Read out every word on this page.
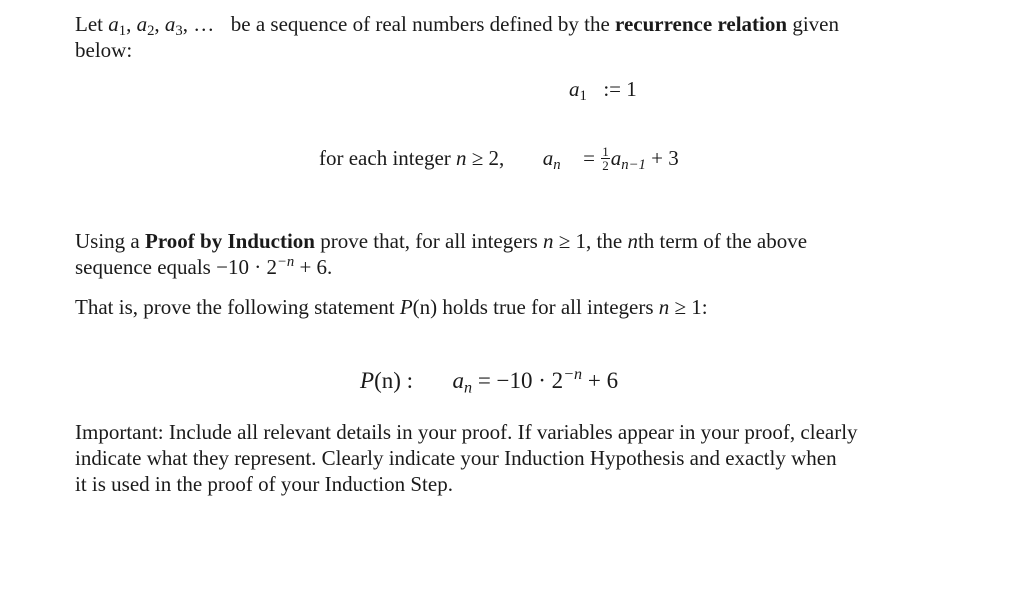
Let $a_1$, $a_2$, $a_3$, … be a sequence of real numbers defined by the recurrence relation given
below:

$a_1$ := 1
for each integer n ≥ 2, $a_n = \frac{1}{2} a_{n-1} + 3$

Using a Proof by Induction prove that, for all integers n ≥ 1, the nth term of the above
sequence equals $-10 \cdot 2^{-n} + 6$.

That is, prove the following statement P(n) holds true for all integers n ≥ 1:

P(n) : $a_n = -10 \cdot 2^{-n} + 6$

Important: Include all relevant details in your proof. If variables appear in your proof, clearly
indicate what they represent. Clearly indicate your Induction Hypothesis and exactly when
it is used in the proof of your Induction Step.
